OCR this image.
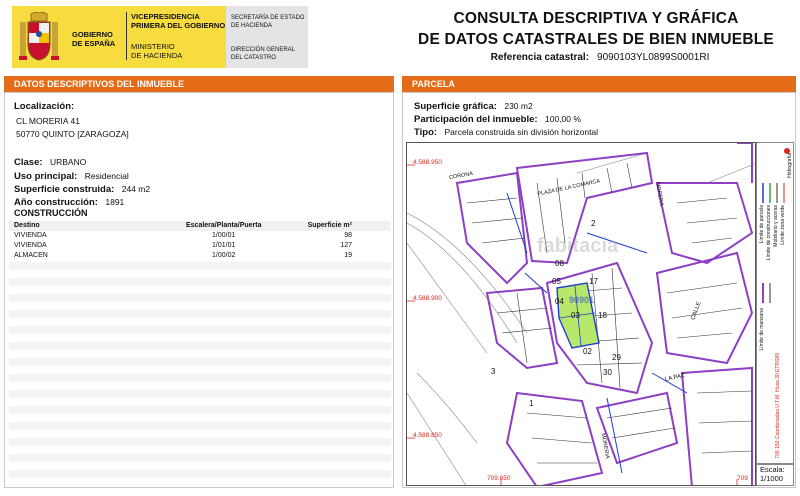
GOBIERNO
DE ESPAÑA
VICEPRESIDENCIA
PRIMERA DEL GOBIERNO
MINISTERIO
DE HACIENDA
SECRETARÍA DE ESTADO
DE HACIENDA
DIRECCIÓN GENERAL
DEL CATASTRO
CONSULTA DESCRIPTIVA Y GRÁFICA
DE DATOS CATASTRALES DE BIEN INMUEBLE
Referencia catastral: 9090103YL0899S0001RI
DATOS DESCRIPTIVOS DEL INMUEBLE
Localización:
CL MORERIA 41
50770 QUINTO [ZARAGOZA]
Clase: URBANO
Uso principal: Residencial
Superficie construida: 244 m2
Año construcción: 1891
CONSTRUCCIÓN
Destino	Escalera/Planta/Puerta	Superficie m²
VIVIENDA	1/00/01	98
VIVIENDA	1/01/01	127
ALMACEN	1/00/02	19
PARCELA
Superficie gráfica: 230 m2
Participación del inmueble: 100,00 %
Tipo: Parcela construida sin división horizontal
4.588.950
4.588.900
4.588.850
709.650	709
CORONA
PLAZA DE LA COMARCA	MORERA
LA PAZ
CALLE
MORERIA
90901
08
05
04
17
03 18
02
29
30
2
3
1
fabitacia
Límite de parcela Límite de construcciones Mobiliario y aceras Límite zona verde
Hidrografía
Límite de manzana
709 150 Coordenadas U.T.M. Huso 30 ETRS89
Escala:
1/1000
